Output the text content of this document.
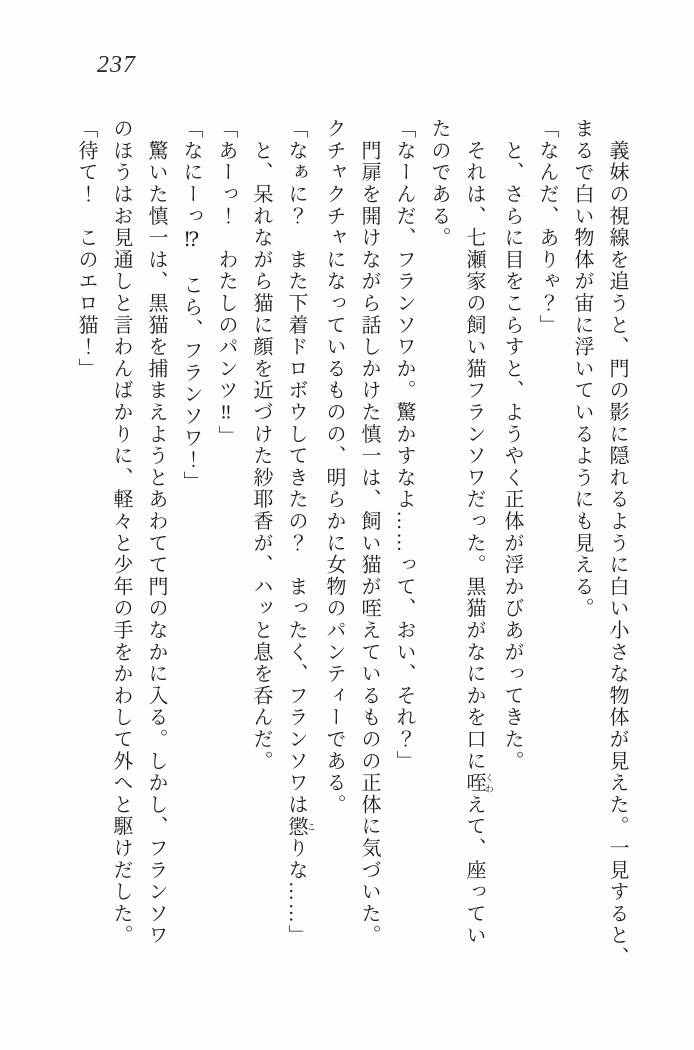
237

　義妹の視線を追うと、門の影に隠れるように白い小さな物体が見えた。一見すると、

まるで白い物体が宙に浮いているようにも見える。

「なんだ、ありゃ？」

　と、さらに目をこらすと、ようやく正体が浮かびあがってきた。

　それは、七瀬家の飼い猫フランソワだった。黒猫がなにかを口に咥 くわえて、座ってい

たのである。

「なーんだ、フランソワか。驚かすなよ……って、おい、それ？」

　門扉を開けながら話しかけた慎一は、飼い猫が咥えているものの正体に気づいた。

クチャクチャになっているものの、明らかに女物のパンティーである。

「なぁに？　また下着ドロボウしてきたの？　まったく、フランソワは懲 こりな……」

　と、呆れながら猫に顔を近づけた紗耶香が、ハッと息を呑んだ。

「あーっ！　わたしのパンツ‼」

「なにーっ⁉　こら、フランソワ！」

　驚いた慎一は、黒猫を捕まえようとあわてて門のなかに入る。しかし、フランソワ

のほうはお見通しと言わんばかりに、軽々と少年の手をかわして外へと駆けだした。

「待て！　このエロ猫！」
